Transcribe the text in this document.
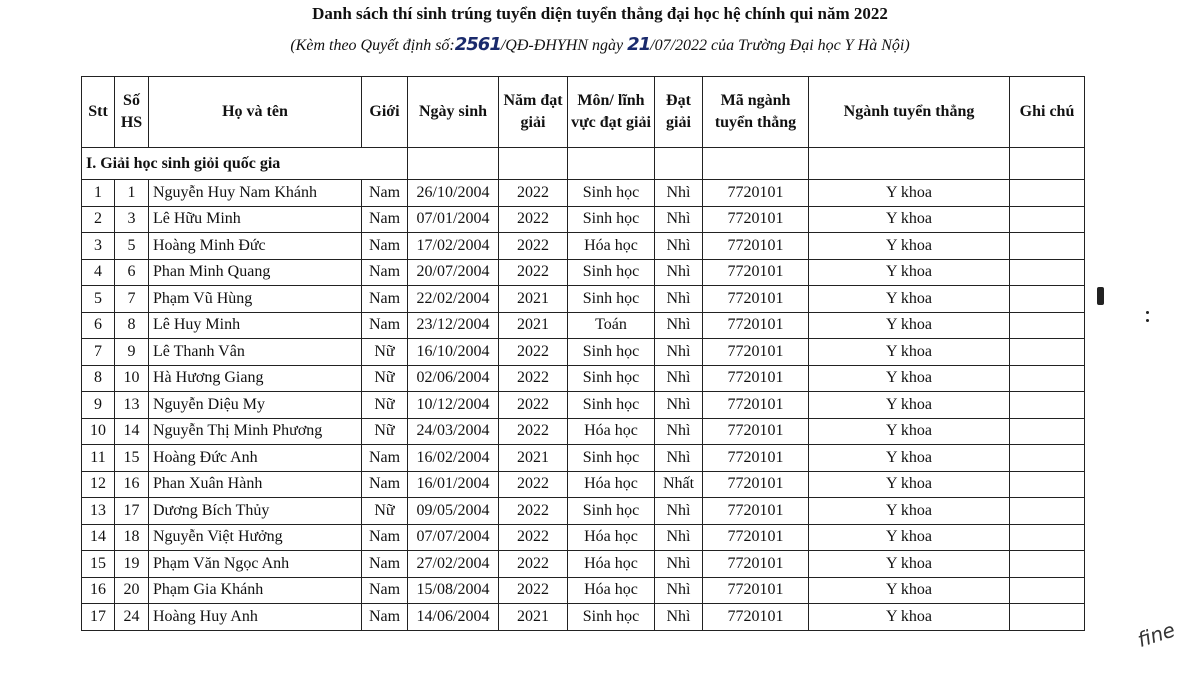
Danh sách thí sinh trúng tuyển diện tuyển thẳng đại học hệ chính qui năm 2022
(Kèm theo Quyết định số:2561/QĐ-ĐHYHN ngày 21/07/2022 của Trường Đại học Y Hà Nội)
Stt	Số HS	Họ và tên	Giới	Ngày sinh	Năm đạt giải	Môn/ lĩnh vực đạt giải	Đạt giải	Mã ngành tuyển thẳng	Ngành tuyển thẳng	Ghi chú
I. Giải học sinh giỏi quốc gia										
1	1	Nguyễn Huy Nam Khánh	Nam	26/10/2004	2022	Sinh học	Nhì	7720101	Y khoa	
2	3	Lê Hữu Minh	Nam	07/01/2004	2022	Sinh học	Nhì	7720101	Y khoa	
3	5	Hoàng Minh Đức	Nam	17/02/2004	2022	Hóa học	Nhì	7720101	Y khoa	
4	6	Phan Minh Quang	Nam	20/07/2004	2022	Sinh học	Nhì	7720101	Y khoa	
5	7	Phạm Vũ Hùng	Nam	22/02/2004	2021	Sinh học	Nhì	7720101	Y khoa	
6	8	Lê Huy Minh	Nam	23/12/2004	2021	Toán	Nhì	7720101	Y khoa	
7	9	Lê Thanh Vân	Nữ	16/10/2004	2022	Sinh học	Nhì	7720101	Y khoa	
8	10	Hà Hương Giang	Nữ	02/06/2004	2022	Sinh học	Nhì	7720101	Y khoa	
9	13	Nguyễn Diệu My	Nữ	10/12/2004	2022	Sinh học	Nhì	7720101	Y khoa	
10	14	Nguyễn Thị Minh Phương	Nữ	24/03/2004	2022	Hóa học	Nhì	7720101	Y khoa	
11	15	Hoàng Đức Anh	Nam	16/02/2004	2021	Sinh học	Nhì	7720101	Y khoa	
12	16	Phan Xuân Hành	Nam	16/01/2004	2022	Hóa học	Nhất	7720101	Y khoa	
13	17	Dương Bích Thủy	Nữ	09/05/2004	2022	Sinh học	Nhì	7720101	Y khoa	
14	18	Nguyễn Việt Hưởng	Nam	07/07/2004	2022	Hóa học	Nhì	7720101	Y khoa	
15	19	Phạm Văn Ngọc Anh	Nam	27/02/2004	2022	Hóa học	Nhì	7720101	Y khoa	
16	20	Phạm Gia Khánh	Nam	15/08/2004	2022	Hóa học	Nhì	7720101	Y khoa	
17	24	Hoàng Huy Anh	Nam	14/06/2004	2021	Sinh học	Nhì	7720101	Y khoa	
fine
